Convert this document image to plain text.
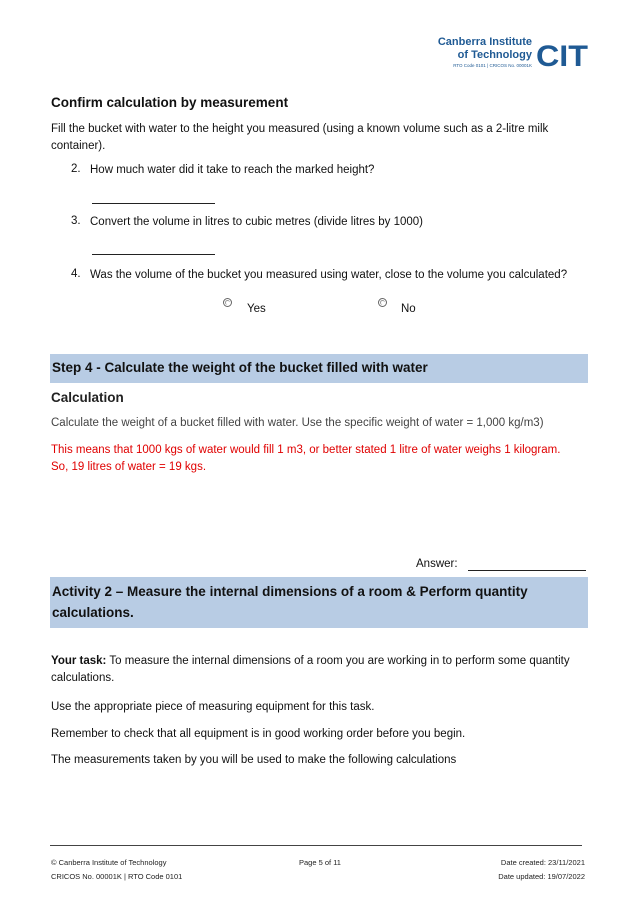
Canberra Institute
of Technology
RTO Code 0101 | CRICOS No. 00001K CIT
Confirm calculation by measurement
Fill the bucket with water to the height you measured (using a known volume such as a 2-litre milk container).
2. How much water did it take to reach the marked height?
3. Convert the volume in litres to cubic metres (divide litres by 1000)
4. Was the volume of the bucket you measured using water, close to the volume you calculated?
Yes	No
Step 4 - Calculate the weight of the bucket filled with water
Calculation
Calculate the weight of a bucket filled with water. Use the specific weight of water = 1,000 kg/m3)
This means that 1000 kgs of water would fill 1 m3, or better stated 1 litre of water weighs 1 kilogram.
So, 19 litres of water = 19 kgs.
Answer:
Activity 2 – Measure the internal dimensions of a room & Perform quantity
calculations.
Your task: To measure the internal dimensions of a room you are working in to perform some quantity calculations.
Use the appropriate piece of measuring equipment for this task.
Remember to check that all equipment is in good working order before you begin.
The measurements taken by you will be used to make the following calculations
© Canberra Institute of Technology
CRICOS No. 00001K | RTO Code 0101
Page 5 of 11	Date created: 23/11/2021
Date updated: 19/07/2022
